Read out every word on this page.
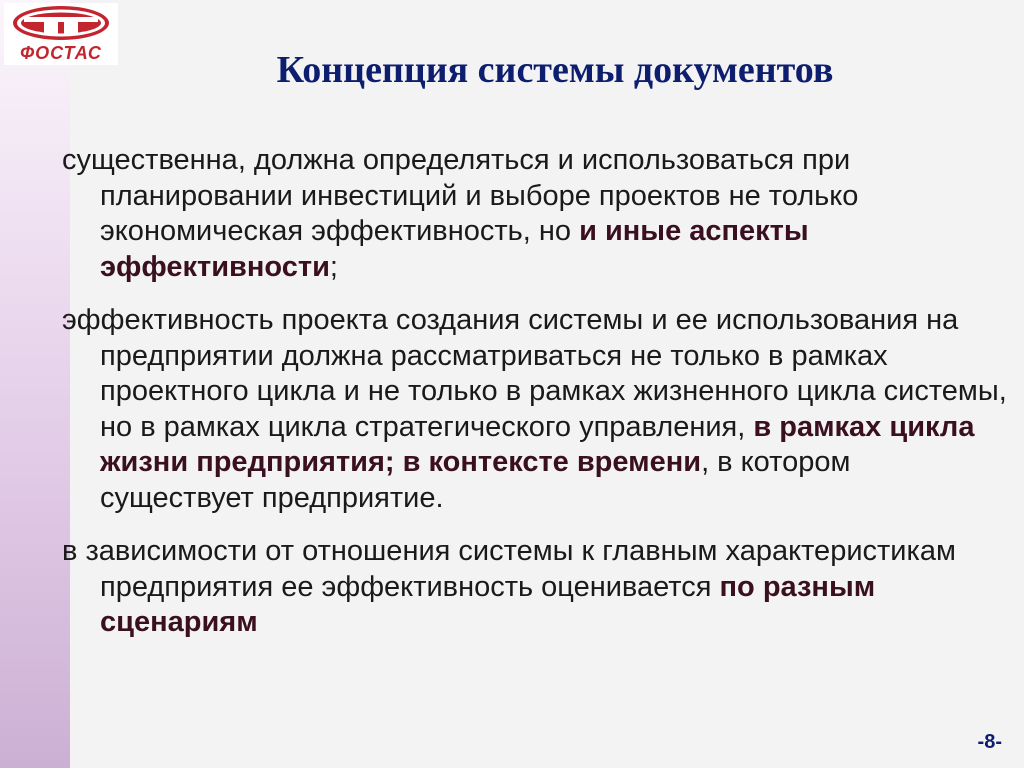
ФОСТАС	Концепция системы документов

существенна, должна определяться и использоваться при планировании инвестиций и выборе проектов не только экономическая эффективность, но и иные аспекты эффективности;

эффективность проекта создания системы и ее использования на предприятии должна рассматриваться не только в рамках проектного цикла и не только в рамках жизненного цикла системы, но в рамках цикла стратегического управления, в рамках цикла жизни предприятия; в контексте времени, в котором существует предприятие.

в зависимости от отношения системы к главным характеристикам предприятия ее эффективность оценивается по разным сценариям

-8-
